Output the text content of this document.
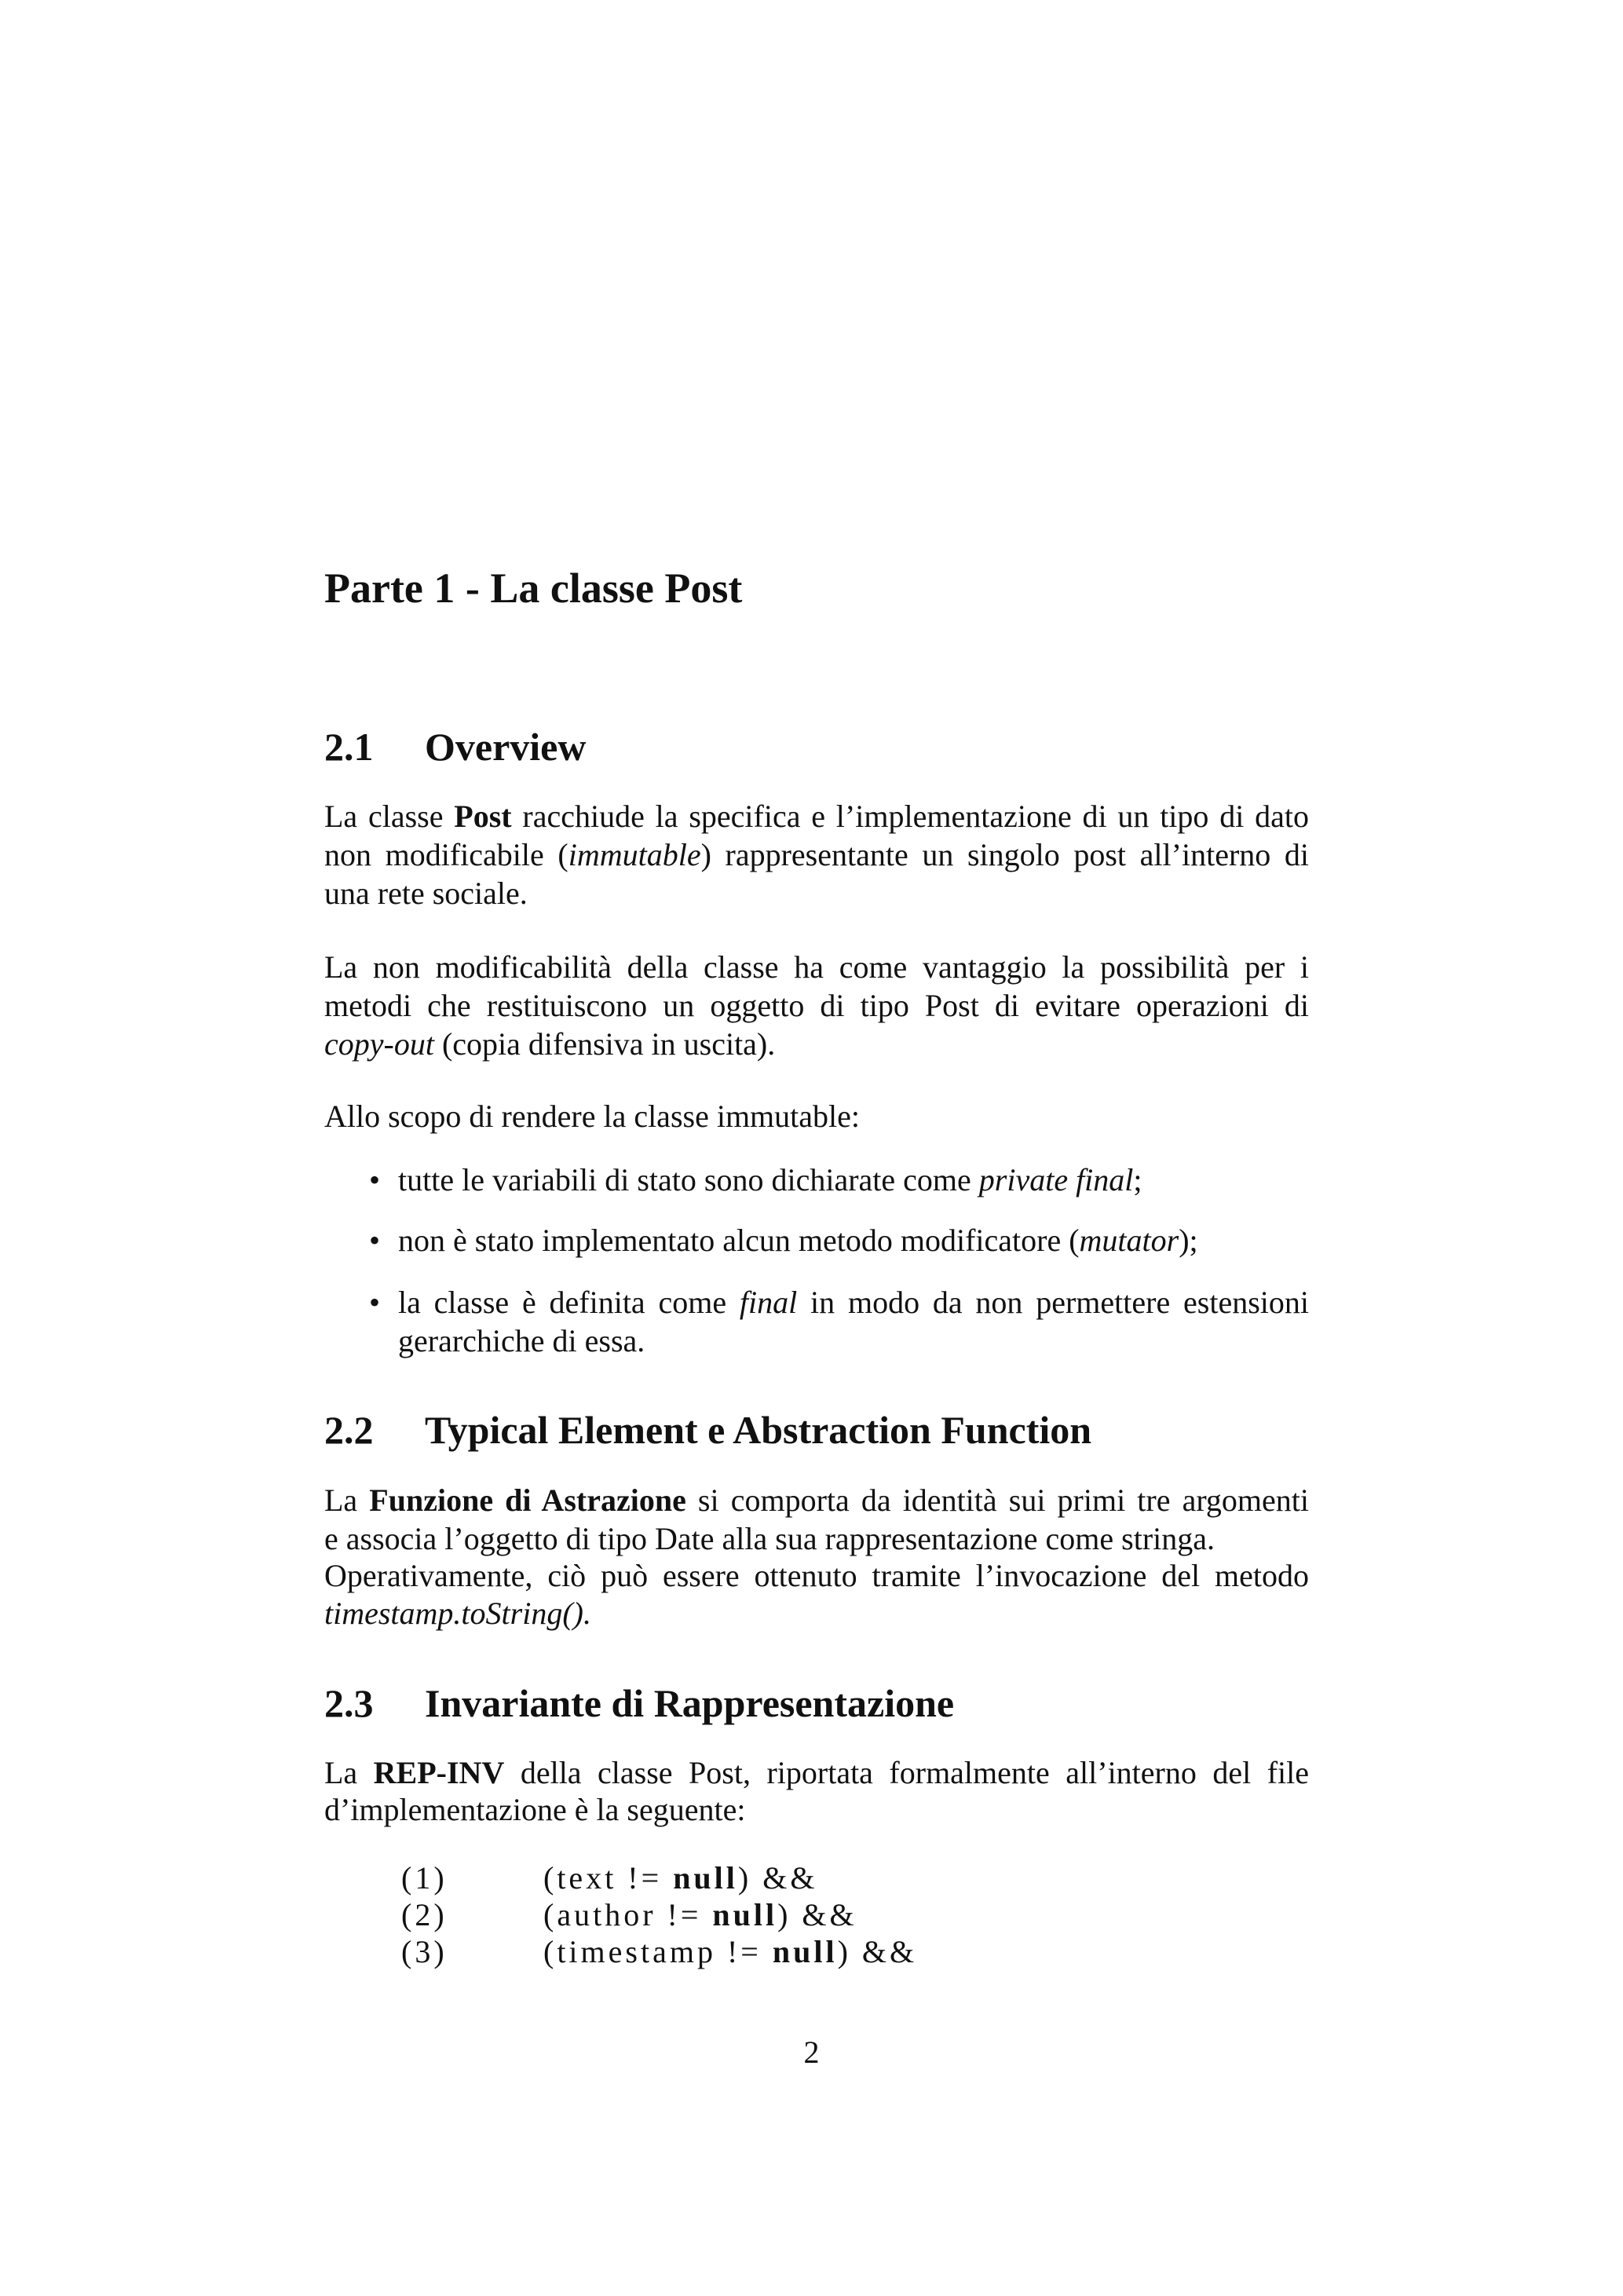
Parte 1 - La classe Post
2.1 Overview
La classe Post racchiude la specifica e l’implementazione di un tipo di dato
non modificabile (immutable) rappresentante un singolo post all’interno di
una rete sociale.
La non modificabilità della classe ha come vantaggio la possibilità per i
metodi che restituiscono un oggetto di tipo Post di evitare operazioni di
copy-out (copia difensiva in uscita).
Allo scopo di rendere la classe immutable:
• tutte le variabili di stato sono dichiarate come private final;
• non è stato implementato alcun metodo modificatore (mutator);
• la classe è definita come final in modo da non permettere estensioni
gerarchiche di essa.
2.2 Typical Element e Abstraction Function
La Funzione di Astrazione si comporta da identità sui primi tre argomenti
e associa l’oggetto di tipo Date alla sua rappresentazione come stringa.
Operativamente, ciò può essere ottenuto tramite l’invocazione del metodo
timestamp.toString().
2.3 Invariante di Rappresentazione
La REP-INV della classe Post, riportata formalmente all’interno del file
d’implementazione è la seguente:
(1)	(text != null) &&
(2)	(author != null) &&
(3)	(timestamp != null) &&
2
